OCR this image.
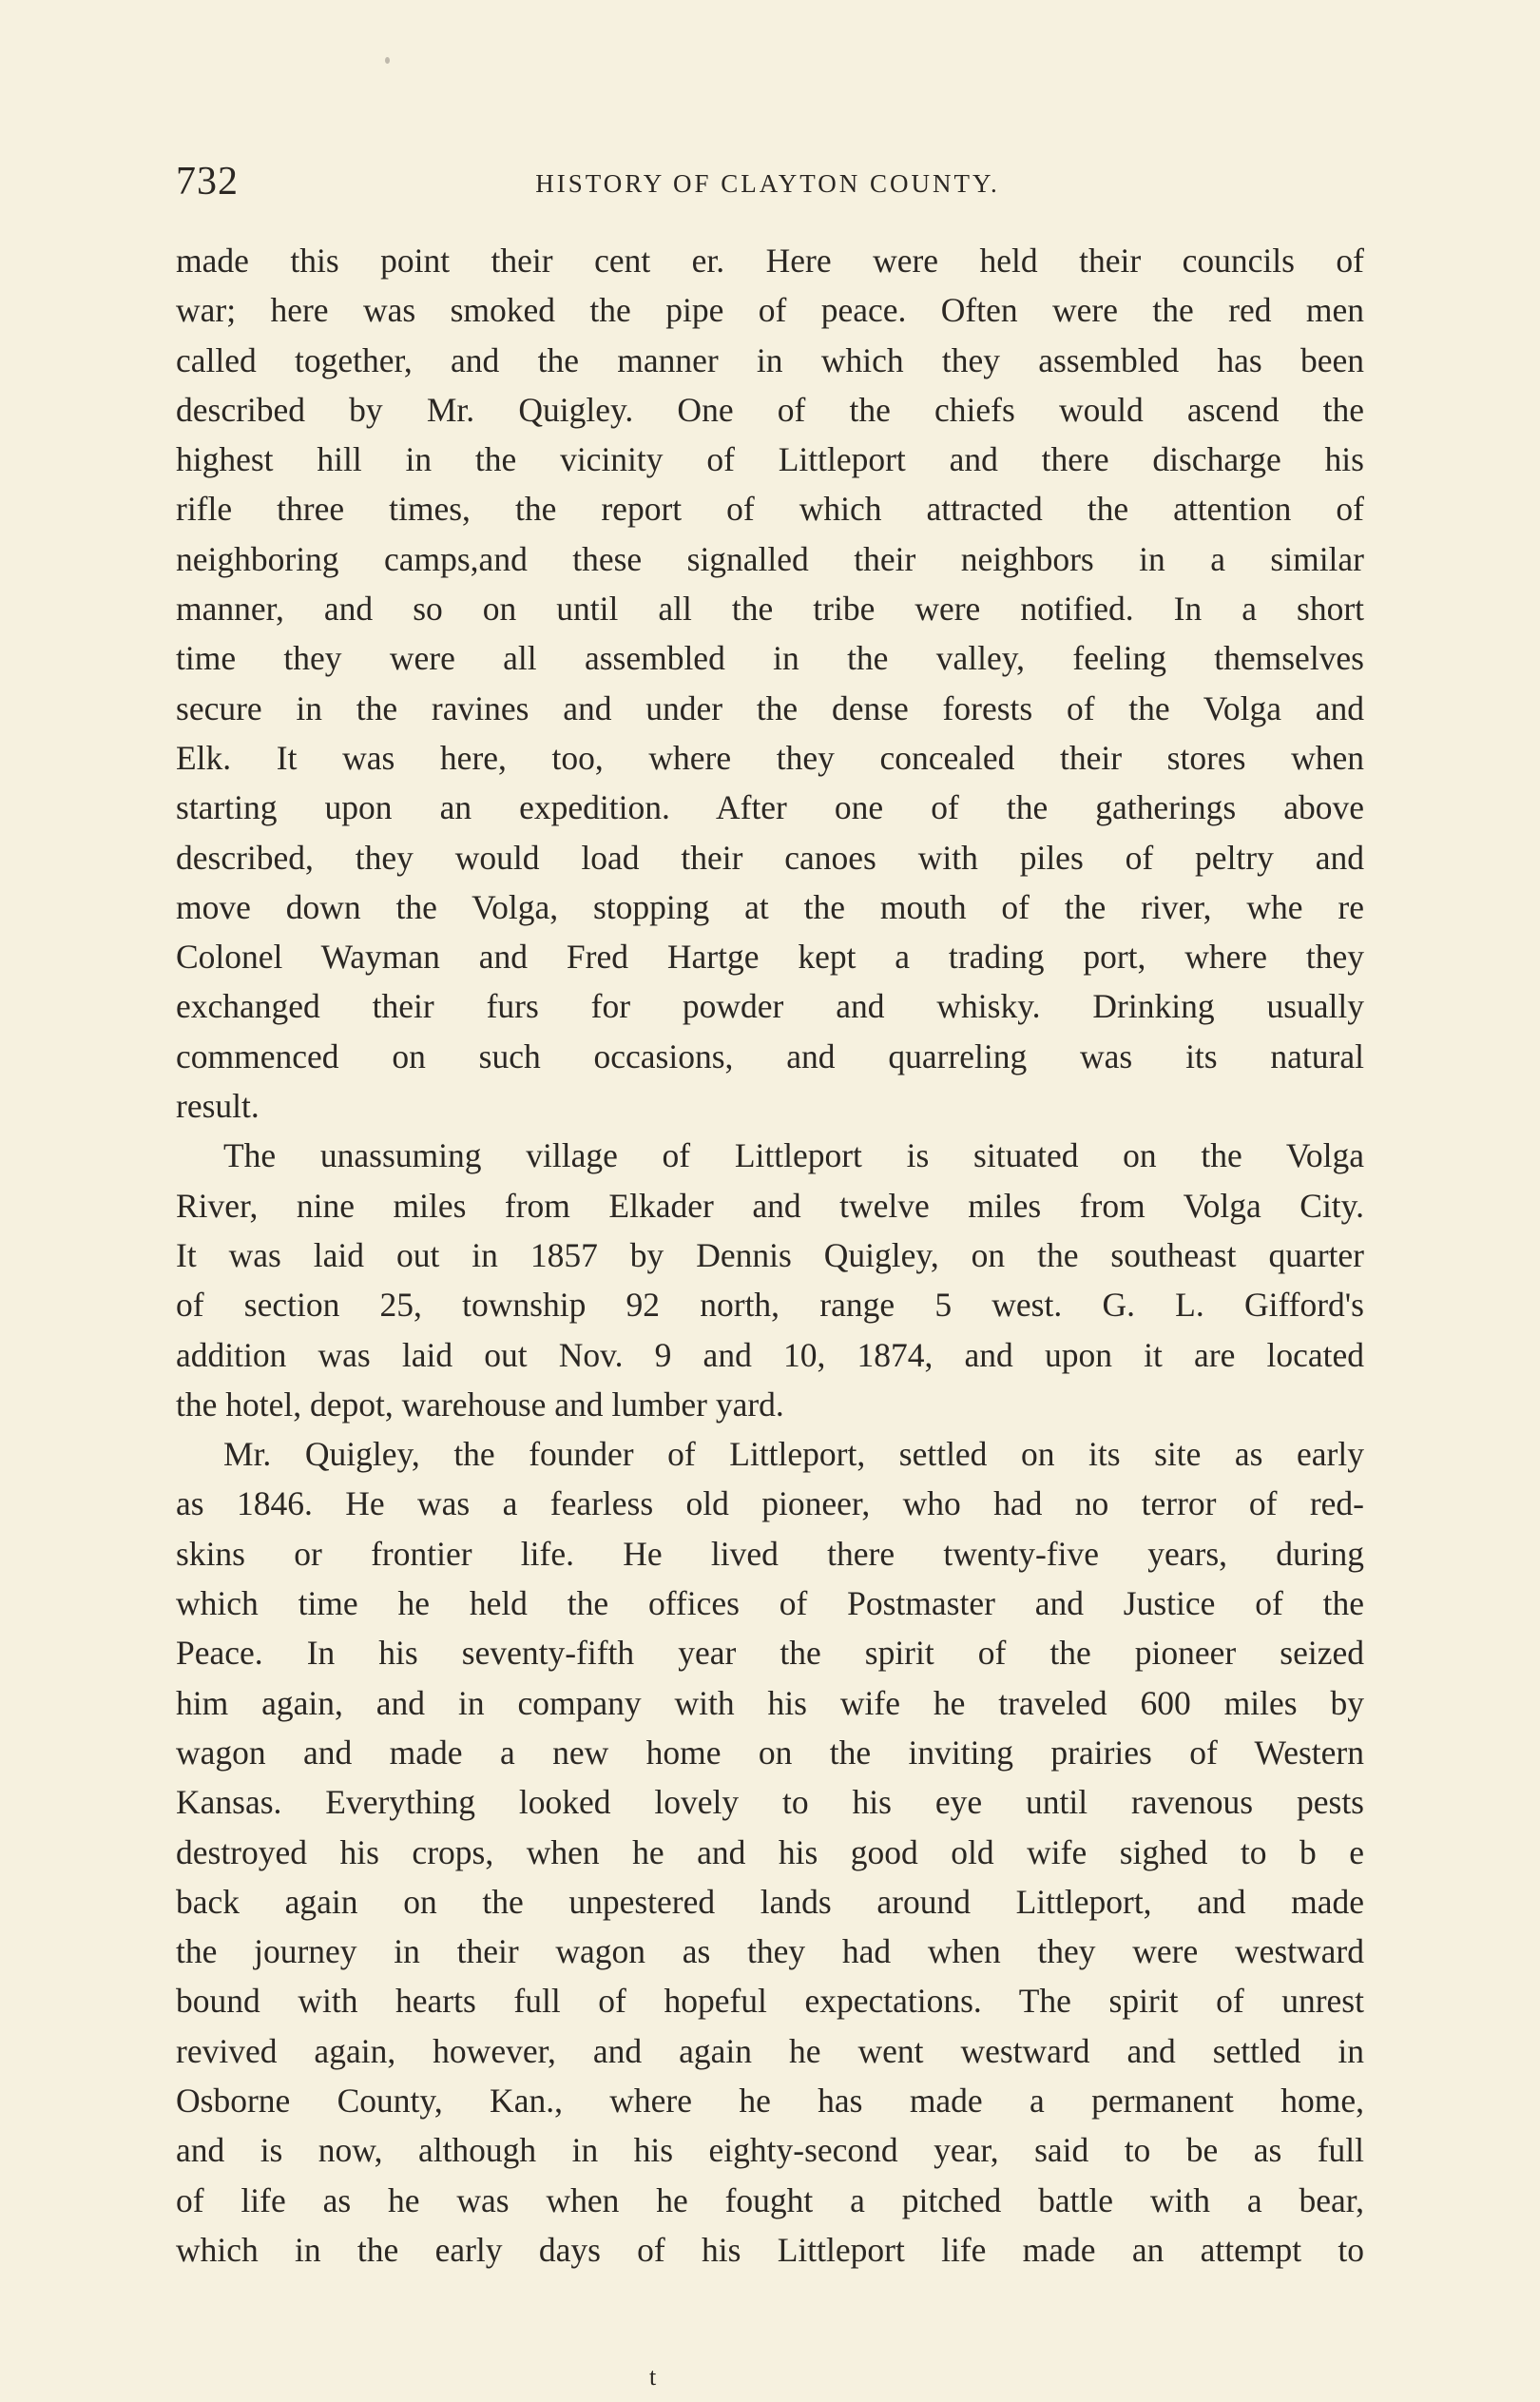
732	HISTORY OF CLAYTON COUNTY.
made this point their cent er. Here were held their councils of
war; here was smoked the pipe of peace. Often were the red men
called together, and the manner in which they assembled has been
described by Mr. Quigley. One of the chiefs would ascend the
highest hill in the vicinity of Littleport and there discharge his
rifle three times, the report of which attracted the attention of
neighboring camps,and these signalled their neighbors in a similar
manner, and so on until all the tribe were notified. In a short
time they were all assembled in the valley, feeling themselves
secure in the ravines and under the dense forests of the Volga and
Elk. It was here, too, where they concealed their stores when
starting upon an expedition. After one of the gatherings above
described, they would load their canoes with piles of peltry and
move down the Volga, stopping at the mouth of the river, whe re
Colonel Wayman and Fred Hartge kept a trading port, where they
exchanged their furs for powder and whisky. Drinking usually
commenced on such occasions, and quarreling was its natural
result.
The unassuming village of Littleport is situated on the Volga
River, nine miles from Elkader and twelve miles from Volga City.
It was laid out in 1857 by Dennis Quigley, on the southeast quarter
of section 25, township 92 north, range 5 west. G. L. Gifford's
addition was laid out Nov. 9 and 10, 1874, and upon it are located
the hotel, depot, warehouse and lumber yard.
Mr. Quigley, the founder of Littleport, settled on its site as early
as 1846. He was a fearless old pioneer, who had no terror of red-
skins or frontier life. He lived there twenty-five years, during
which time he held the offices of Postmaster and Justice of the
Peace. In his seventy-fifth year the spirit of the pioneer seized
him again, and in company with his wife he traveled 600 miles by
wagon and made a new home on the inviting prairies of Western
Kansas. Everything looked lovely to his eye until ravenous pests
destroyed his crops, when he and his good old wife sighed to b e
back again on the unpestered lands around Littleport, and made
the journey in their wagon as they had when they were westward
bound with hearts full of hopeful expectations. The spirit of unrest
revived again, however, and again he went westward and settled in
Osborne County, Kan., where he has made a permanent home,
and is now, although in his eighty-second year, said to be as full
of life as he was when he fought a pitched battle with a bear,
which in the early days of his Littleport life made an attempt to
t
